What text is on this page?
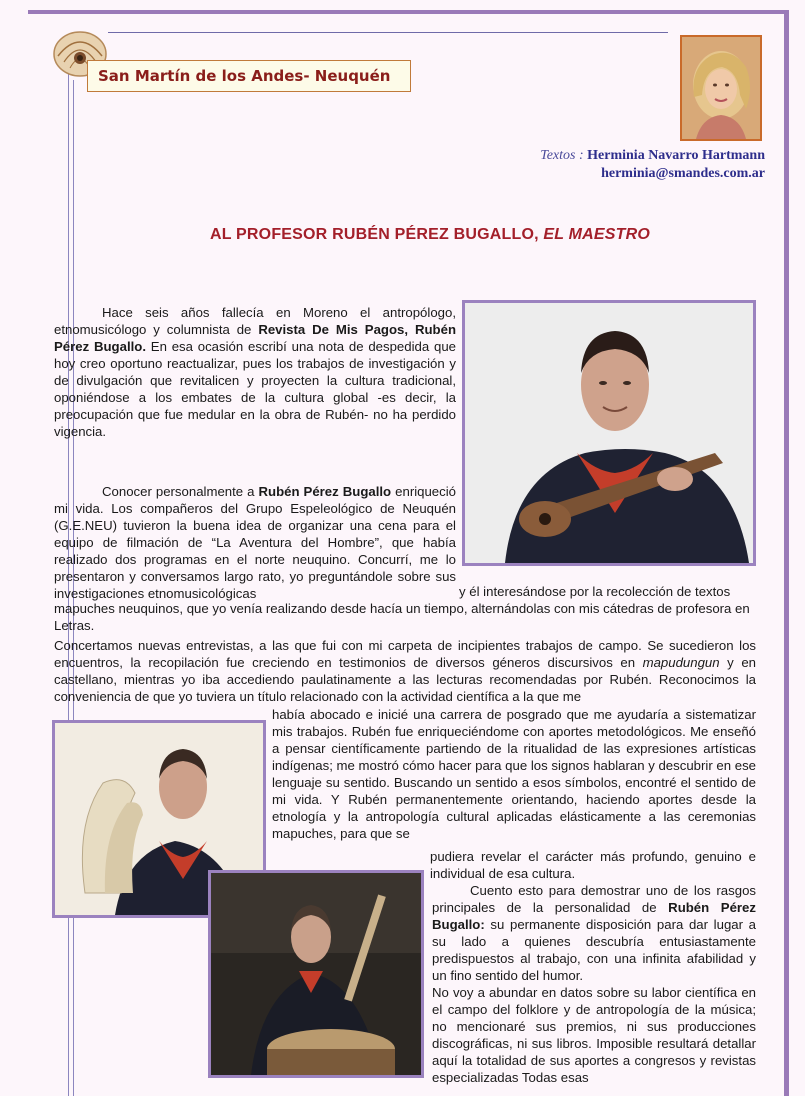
San Martín de los Andes- Neuquén
Textos : Herminia Navarro Hartmann
herminia@smandes.com.ar
AL PROFESOR RUBÉN PÉREZ BUGALLO, EL MAESTRO

Hace seis años fallecía en Moreno el antropólogo, etnomusicólogo y columnista de Revista De Mis Pagos, Rubén Pérez Bugallo. En esa ocasión escribí una nota de despedida que hoy creo oportuno reactualizar, pues los trabajos de investigación y de divulgación que revitalicen y proyecten la cultura tradicional, oponiéndose a los embates de la cultura global -es decir, la preocupación que fue medular en la obra de Rubén- no ha perdido vigencia.

Conocer personalmente a Rubén Pérez Bugallo enriqueció mi vida. Los compañeros del Grupo Espeleológico de Neuquén (G.E.NEU) tuvieron la buena idea de organizar una cena para el equipo de filmación de “La Aventura del Hombre”, que había realizado dos programas en el norte neuquino. Concurrí, me lo presentaron y conversamos largo rato, yo preguntándole sobre sus investigaciones etnomusicológicas	y él interesándose por la recolección de textos mapuches neuquinos, que yo venía realizando desde hacía un tiempo, alternándolas con mis cátedras de profesora en Letras.

Concertamos nuevas entrevistas, a las que fui con mi carpeta de incipientes trabajos de campo. Se sucedieron los encuentros, la recopilación fue creciendo en testimonios de diversos géneros discursivos en mapudungun y en castellano, mientras yo iba accediendo paulatinamente a las lecturas recomendadas por Rubén. Reconocimos la conveniencia de que yo tuviera un título relacionado con la actividad científica a la que me

había abocado e inicié una carrera de posgrado que me ayudaría a sistematizar mis trabajos. Rubén fue enriqueciéndome con aportes metodológicos. Me enseñó a pensar científicamente partiendo de la ritualidad de las expresiones artísticas indígenas; me mostró cómo hacer para que los signos hablaran y descubrir en ese lenguaje su sentido. Buscando un sentido a esos símbolos, encontré el sentido de mi vida. Y Rubén permanentemente orientando, haciendo aportes desde la etnología y la antropología cultural aplicadas elásticamente a las ceremonias mapuches, para que se

pudiera revelar el carácter más profundo, genuino e individual de esa cultura.

Cuento esto para demostrar uno de los rasgos principales de la personalidad de Rubén Pérez Bugallo: su permanente disposición para dar lugar a su lado a quienes descubría entusiastamente predispuestos al trabajo, con una infinita afabilidad y un fino sentido del humor.

No voy a abundar en datos sobre su labor científica en el campo del folklore y de antropología de la música; no mencionaré sus premios, ni sus producciones discográficas, ni sus libros. Imposible resultará detallar aquí la totalidad de sus aportes a congresos y revistas especializadas Todas esas
